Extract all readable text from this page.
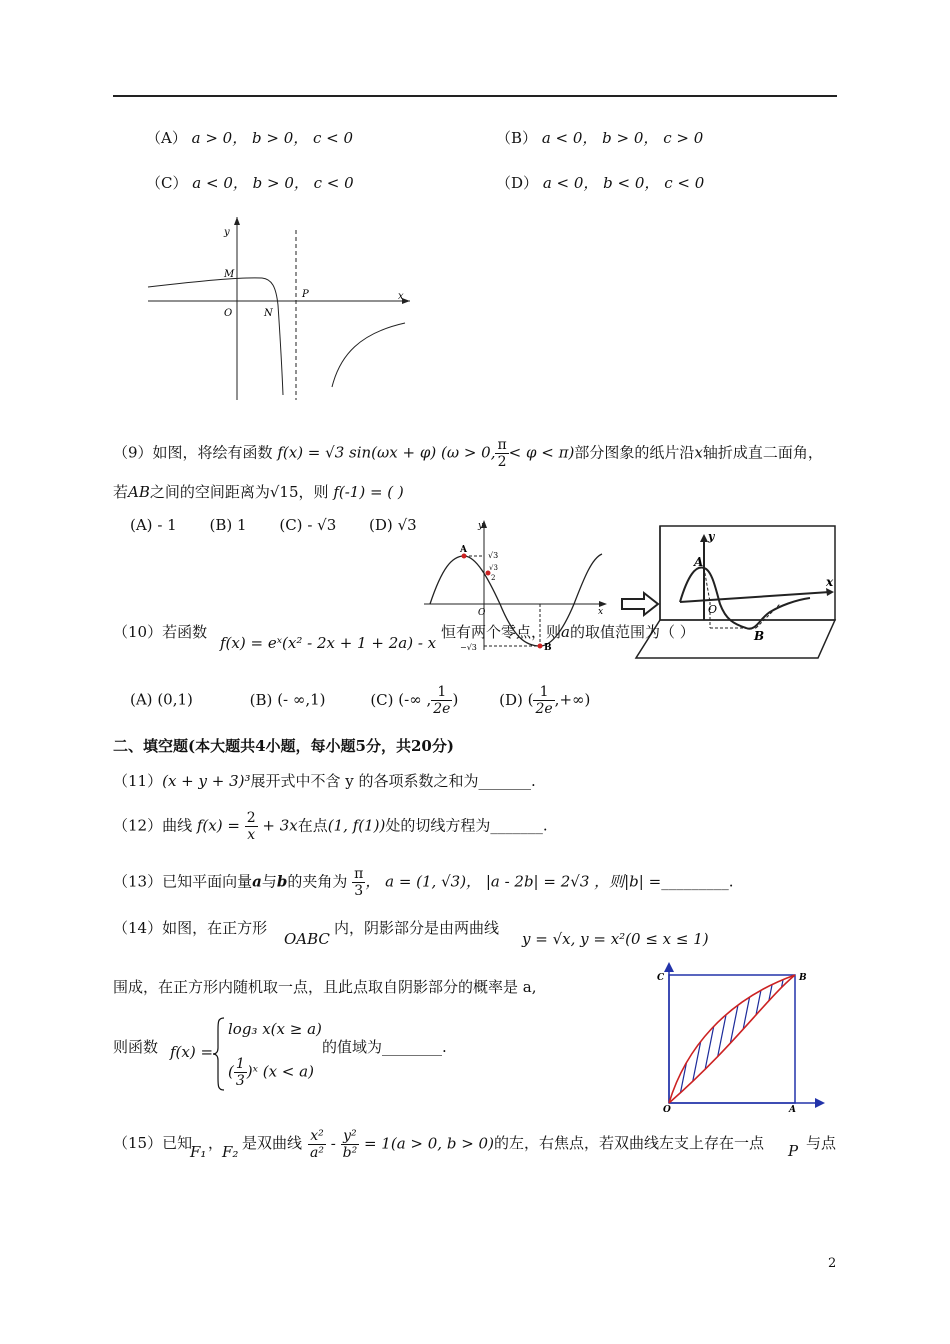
（A） a > 0， b > 0， c < 0	（B） a < 0， b > 0， c > 0
（C） a < 0， b > 0， c < 0	（D） a < 0， b < 0， c < 0
y
x
M
O	N
P
（9）如图，将绘有函数 f(x) = √3 sin(ωx + φ) (ω > 0, $\frac{\pi}{2} < \varphi < \pi$)部分图象的纸片沿x轴折成直二面角，
若AB之间的空间距离为√15，则 f(-1) = ( )
(A) - 1 (B) 1 (C) - √3 (D) √3
A
B
O
y
x
√3
√3
2
−√3
A
B
O
y
x
（10）若函数
f(x) = eˣ(x² - 2x + 1 + 2a) - x
恒有两个零点，则a的取值范围为（ ）
(A) (0,1)	(B) (- ∞,1)	(C) (-∞ , $\frac{1}{2e}$ )	(D) ( $\frac{1}{2e}$ ,+∞)
二、填空题(本大题共4小题，每小题5分，共20分)
（11）(x + y + 3)³展开式中不含 y 的各项系数之和为_______.
（12）曲线 $f(x) = \frac{2}{x} + 3x$在点(1, f(1))处的切线方程为_______.
（13）已知平面向量a与b的夹角为 $\frac{\pi}{3}$ ， a = (1, √3)， |a - 2b| = 2√3 ，则|b| =_________.
（14）如图，在正方形
OABC
内，阴影部分是由两曲线
y = √x, y = x²(0 ≤ x ≤ 1)
围成，在正方形内随机取一点，且此点取自阴影部分的概率是 a,
则函数 f(x) =
log₃ x(x ≥ a)
( $\frac{1}{3}$ )ˣ (x < a)
的值域为________.
C	B
O	A
（15）已知
F₁ ，
F₂ 是双曲线 $\frac{\text{x²}}{\text{a²}} - \frac{\text{y²}}{\text{b²}} = 1(a > 0$, b > 0) 的左，右焦点，若双曲线左支上存在一点 P 与点
2
